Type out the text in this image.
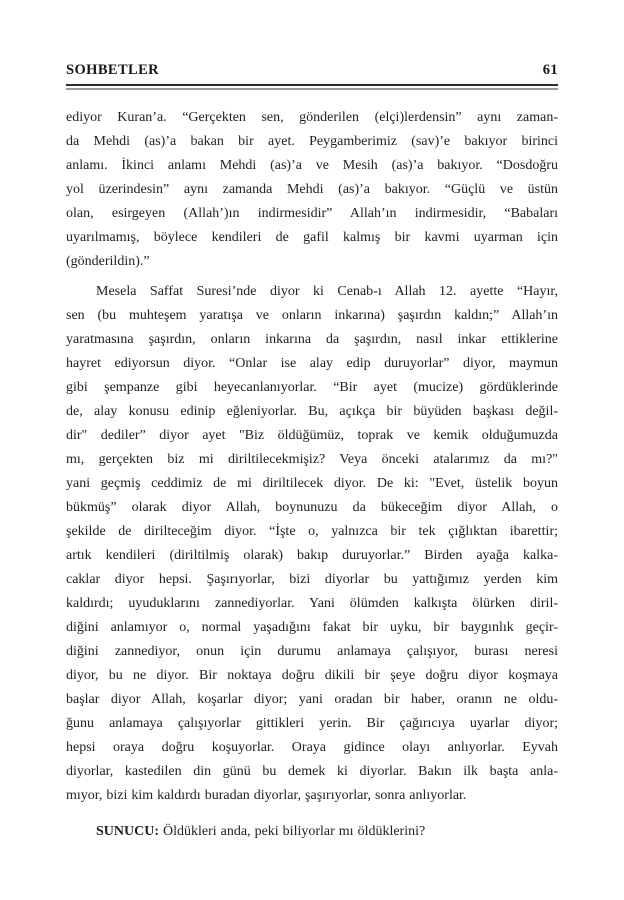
SOHBETLER	61

ediyor Kuran’a. “Gerçekten sen, gönderilen (elçi)lerdensin” aynı zaman-
da Mehdi (as)’a bakan bir ayet. Peygamberimiz (sav)’e bakıyor birinci
anlamı. İkinci anlamı Mehdi (as)’a ve Mesih (as)’a bakıyor. “Dosdoğru
yol üzerindesin” aynı zamanda Mehdi (as)’a bakıyor. “Güçlü ve üstün
olan, esirgeyen (Allah’)ın indirmesidir” Allah’ın indirmesidir, “Babaları
uyarılmamış, böylece kendileri de gafil kalmış bir kavmi uyarman için
(gönderildin).”

Mesela Saffat Suresi’nde diyor ki Cenab-ı Allah 12. ayette “Hayır,
sen (bu muhteşem yaratışa ve onların inkarına) şaşırdın kaldın;” Allah’ın
yaratmasına şaşırdın, onların inkarına da şaşırdın, nasıl inkar ettiklerine
hayret ediyorsun diyor. “Onlar ise alay edip duruyorlar” diyor, maymun
gibi şempanze gibi heyecanlanıyorlar. “Bir ayet (mucize) gördüklerinde
de, alay konusu edinip eğleniyorlar. Bu, açıkça bir büyüden başkası değil-
dir" dediler” diyor ayet "Biz öldüğümüz, toprak ve kemik olduğumuzda
mı, gerçekten biz mi diriltilecekmişiz? Veya önceki atalarımız da mı?"
yani geçmiş ceddimiz de mi diriltilecek diyor. De ki: "Evet, üstelik boyun
bükmüş” olarak diyor Allah, boynunuzu da bükeceğim diyor Allah, o
şekilde de dirilteceğim diyor. “İşte o, yalnızca bir tek çığlıktan ibarettir;
artık kendileri (diriltilmiş olarak) bakıp duruyorlar.” Birden ayağa kalka-
caklar diyor hepsi. Şaşırıyorlar, bizi diyorlar bu yattığımız yerden kim
kaldırdı; uyuduklarını zannediyorlar. Yani ölümden kalkışta ölürken diril-
diğini anlamıyor o, normal yaşadığını fakat bir uyku, bir baygınlık geçir-
diğini zannediyor, onun için durumu anlamaya çalışıyor, burası neresi
diyor, bu ne diyor. Bir noktaya doğru dikili bir şeye doğru diyor koşmaya
başlar diyor Allah, koşarlar diyor; yani oradan bir haber, oranın ne oldu-
ğunu anlamaya çalışıyorlar gittikleri yerin. Bir çağırıcıya uyarlar diyor;
hepsi oraya doğru koşuyorlar. Oraya gidince olayı anlıyorlar. Eyvah
diyorlar, kastedilen din günü bu demek ki diyorlar. Bakın ilk başta anla-
mıyor, bizi kim kaldırdı buradan diyorlar, şaşırıyorlar, sonra anlıyorlar.

SUNUCU: Öldükleri anda, peki biliyorlar mı öldüklerini?
